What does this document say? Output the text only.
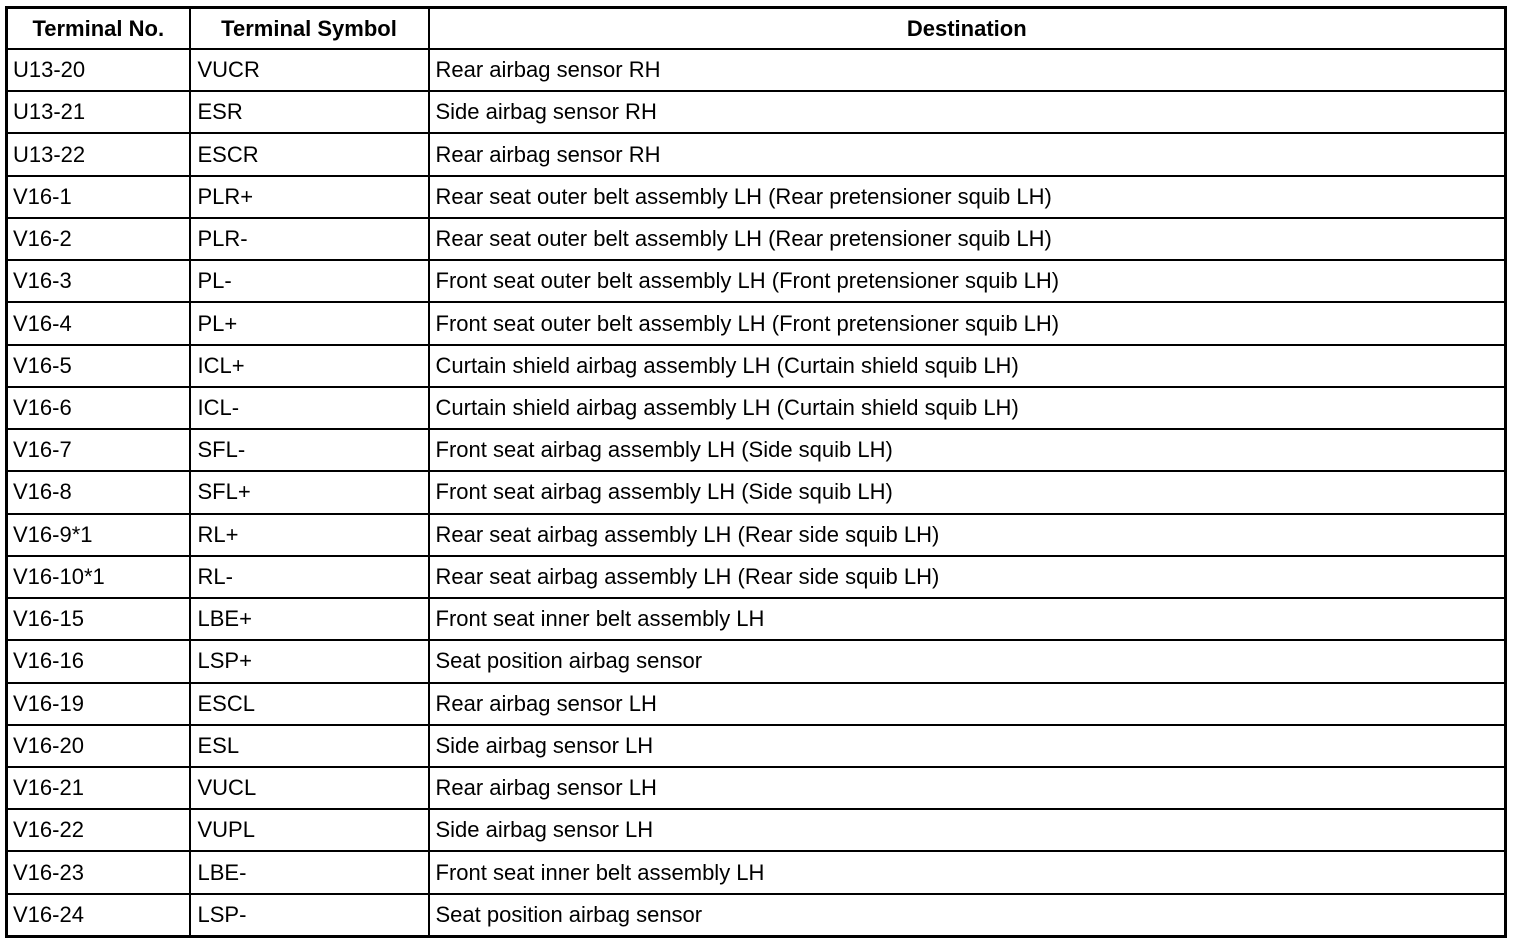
Terminal No.	Terminal Symbol	Destination
U13-20	VUCR	Rear airbag sensor RH
U13-21	ESR	Side airbag sensor RH
U13-22	ESCR	Rear airbag sensor RH
V16-1	PLR+	Rear seat outer belt assembly LH (Rear pretensioner squib LH)
V16-2	PLR-	Rear seat outer belt assembly LH (Rear pretensioner squib LH)
V16-3	PL-	Front seat outer belt assembly LH (Front pretensioner squib LH)
V16-4	PL+	Front seat outer belt assembly LH (Front pretensioner squib LH)
V16-5	ICL+	Curtain shield airbag assembly LH (Curtain shield squib LH)
V16-6	ICL-	Curtain shield airbag assembly LH (Curtain shield squib LH)
V16-7	SFL-	Front seat airbag assembly LH (Side squib LH)
V16-8	SFL+	Front seat airbag assembly LH (Side squib LH)
V16-9*1	RL+	Rear seat airbag assembly LH (Rear side squib LH)
V16-10*1	RL-	Rear seat airbag assembly LH (Rear side squib LH)
V16-15	LBE+	Front seat inner belt assembly LH
V16-16	LSP+	Seat position airbag sensor
V16-19	ESCL	Rear airbag sensor LH
V16-20	ESL	Side airbag sensor LH
V16-21	VUCL	Rear airbag sensor LH
V16-22	VUPL	Side airbag sensor LH
V16-23	LBE-	Front seat inner belt assembly LH
V16-24	LSP-	Seat position airbag sensor
